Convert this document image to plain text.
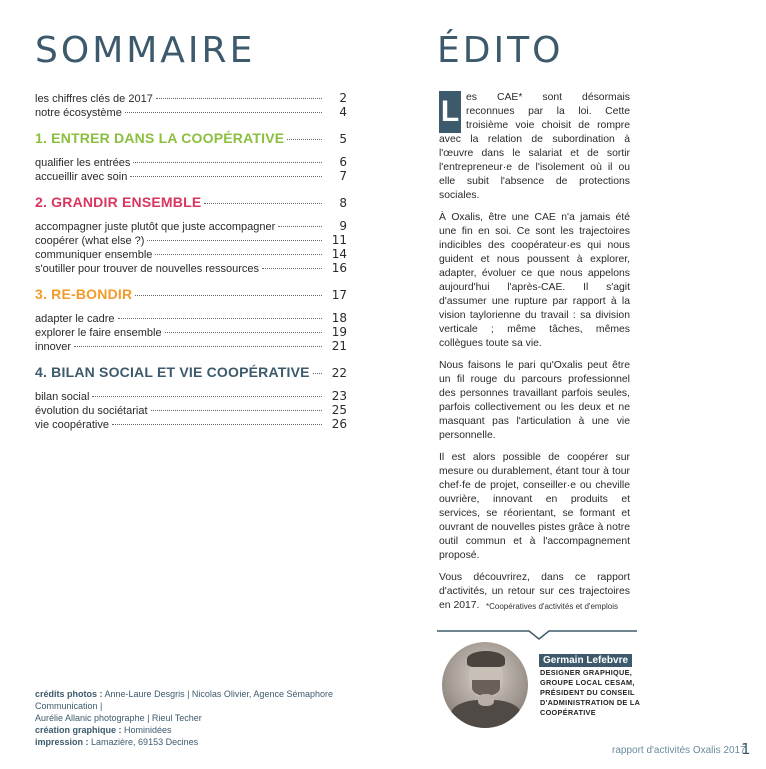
SOMMAIRE	ÉDITO
les chiffres clés de 2017	2
notre écosystème	4
1. ENTRER DANS LA COOPÉRATIVE	5
qualifier les entrées	6
accueillir avec soin	7
2. GRANDIR ENSEMBLE	8
accompagner juste plutôt que juste accompagner	9
coopérer (what else ?)	11
communiquer ensemble	14
s'outiller pour trouver de nouvelles ressources	16
3. RE-BONDIR	17
adapter le cadre	18
explorer le faire ensemble	19
innover	21
4. BILAN SOCIAL ET VIE COOPÉRATIVE	22
bilan social	23
évolution du sociétariat	25
vie coopérative	26
crédits photos : Anne-Laure Desgris | Nicolas Olivier, Agence Sémaphore Communication |
Aurélie Allanic photographe | Rieul Techer
création graphique : Hominidées
impression : Lamazière, 69153 Decines

L es CAE* sont désormais reconnues par la loi. Cette troisième voie choisit de rompre avec la relation de subordination à l'œuvre dans le salariat et de sortir l'entrepreneur·e de l'isolement où il ou elle subit l'absence de protections sociales.

À Oxalis, être une CAE n'a jamais été une fin en soi. Ce sont les trajectoires indicibles des coopérateur·es qui nous guident et nous poussent à explorer, adapter, évoluer ce que nous appelons aujourd'hui l'après-CAE. Il s'agit d'assumer une rupture par rapport à la vision taylorienne du travail : sa division verticale ; même tâches, mêmes collègues toute sa vie.

Nous faisons le pari qu'Oxalis peut être un fil rouge du parcours professionnel des personnes travaillant parfois seules, parfois collectivement ou les deux et ne masquant pas l'articulation à une vie personnelle.

Il est alors possible de coopérer sur mesure ou durablement, étant tour à tour chef·fe de projet, conseiller·e ou cheville ouvrière, innovant en produits et services, se réorientant, se formant et ouvrant de nouvelles pistes grâce à notre outil commun et à l'accompagnement proposé.

Vous découvrirez, dans ce rapport d'activités, un retour sur ces trajectoires en 2017. *Coopératives d'activités et d'emplois
Germain Lefebvre
DESIGNER GRAPHIQUE, GROUPE LOCAL CESAM, PRÉSIDENT DU CONSEIL D'ADMINISTRATION DE LA COOPÉRATIVE
rapport d'activités Oxalis 2017
1
